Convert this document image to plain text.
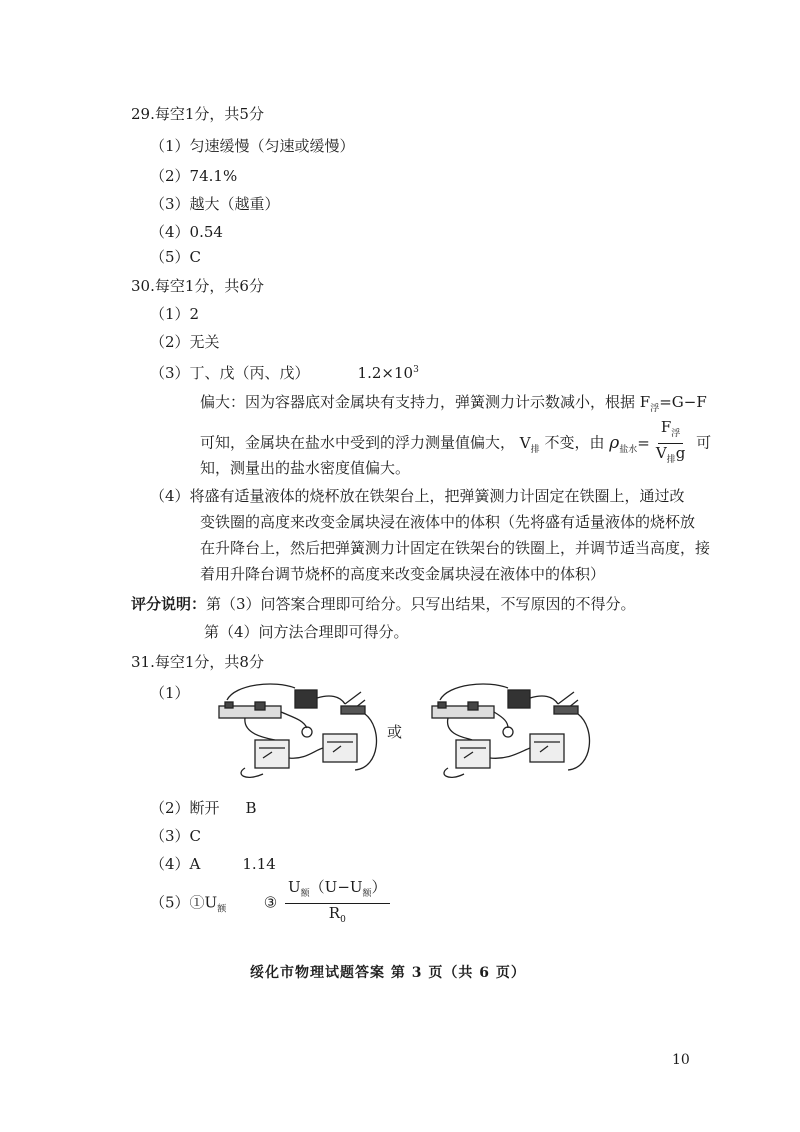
29.每空1分，共5分
（1）匀速缓慢（匀速或缓慢）
（2）74.1%
（3）越大（越重）
（4）0.54
（5）C
30.每空1分，共6分
（1）2
（2）无关
（3）丁、戊（丙、戊）	$1.2\times 10^3$
偏大：因为容器底对金属块有支持力，弹簧测力计示数减小，根据 $F_浮=G-F$
可知，金属块在盐水中受到的浮力测量值偏大， $V_排$ 不变，由 $\rho_{盐水}= \frac{F_浮}{V_排g}$ 可
知，测量出的盐水密度值偏大。
（4）将盛有适量液体的烧杯放在铁架台上，把弹簧测力计固定在铁圈上，通过改
变铁圈的高度来改变金属块浸在液体中的体积（先将盛有适量液体的烧杯放
在升降台上，然后把弹簧测力计固定在铁架台的铁圈上，并调节适当高度，接
着用升降台调节烧杯的高度来改变金属块浸在液体中的体积）
评分说明：第（3）问答案合理即可给分。只写出结果，不写原因的不得分。
第（4）问方法合理即可得分。
31.每空1分，共8分
（1）
或
（2）断开 B
（3）C
（4）A	1.14
$(5)①U_额$	③ $\frac{U_额(U-U_额)}{R_0}$
绥化市物理试题答案 第 3 页（共 6 页）
10
